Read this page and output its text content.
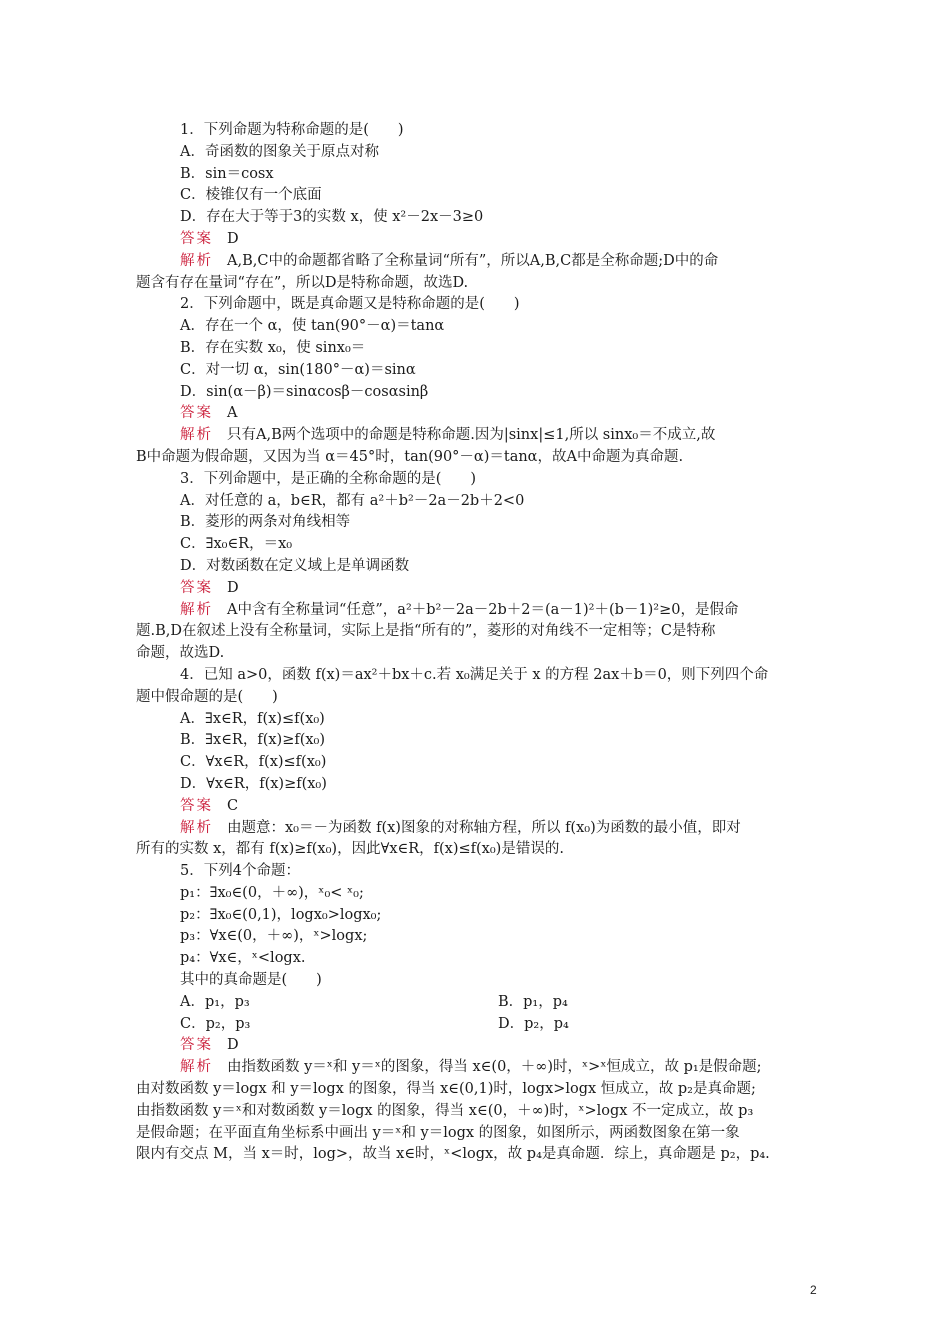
1．下列命题为特称命题的是(　　)
A．奇函数的图象关于原点对称
B．sin＝cosx
C．棱锥仅有一个底面
D．存在大于等于3的实数 x，使 x²－2x－3≥0
答案 D
解析 A,B,C中的命题都省略了全称量词“所有”，所以A,B,C都是全称命题;D中的命
题含有存在量词“存在”，所以D是特称命题，故选D.
2．下列命题中，既是真命题又是特称命题的是(　　)
A．存在一个 α，使 tan(90°－α)＝tanα
B．存在实数 x₀，使 sinx₀＝
C．对一切 α，sin(180°－α)＝sinα
D．sin(α－β)＝sinαcosβ－cosαsinβ
答案 A
解析 只有A,B两个选项中的命题是特称命题.因为|sinx|≤1,所以 sinx₀＝不成立,故
B中命题为假命题，又因为当 α＝45°时，tan(90°－α)＝tanα，故A中命题为真命题.
3．下列命题中，是正确的全称命题的是(　　)
A．对任意的 a，b∈R，都有 a²＋b²－2a－2b＋2<0
B．菱形的两条对角线相等
C．∃x₀∈R，＝x₀
D．对数函数在定义域上是单调函数
答案 D
解析 A中含有全称量词“任意”，a²＋b²－2a－2b＋2＝(a－1)²＋(b－1)²≥0，是假命
题.B,D在叙述上没有全称量词，实际上是指“所有的”，菱形的对角线不一定相等；C是特称
命题，故选D.
4．已知 a>0，函数 f(x)＝ax²＋bx＋c.若 x₀满足关于 x 的方程 2ax＋b＝0，则下列四个命
题中假命题的是(　　)
A．∃x∈R，f(x)≤f(x₀)
B．∃x∈R，f(x)≥f(x₀)
C．∀x∈R，f(x)≤f(x₀)
D．∀x∈R，f(x)≥f(x₀)
答案 C
解析 由题意：x₀＝－为函数 f(x)图象的对称轴方程，所以 f(x₀)为函数的最小值，即对
所有的实数 x，都有 f(x)≥f(x₀)，因此∀x∈R，f(x)≤f(x₀)是错误的.
5．下列4个命题：
p₁：∃x₀∈(0，＋∞)，ˣ₀< ˣ₀;
p₂：∃x₀∈(0,1)，logx₀>logx₀;
p₃：∀x∈(0，＋∞)，ˣ>logx;
p₄：∀x∈，ˣ<logx.
其中的真命题是(　　)
A．p₁，p₃	B．p₁，p₄
C．p₂，p₃	D．p₂，p₄
答案 D
解析 由指数函数 y＝ˣ和 y＝ˣ的图象，得当 x∈(0，＋∞)时，ˣ>ˣ恒成立，故 p₁是假命题;
由对数函数 y＝logx 和 y＝logx 的图象，得当 x∈(0,1)时，logx>logx 恒成立，故 p₂是真命题;
由指数函数 y＝ˣ和对数函数 y＝logx 的图象，得当 x∈(0，＋∞)时，ˣ>logx 不一定成立，故 p₃
是假命题；在平面直角坐标系中画出 y＝ˣ和 y＝logx 的图象，如图所示，两函数图象在第一象
限内有交点 M，当 x＝时，log>，故当 x∈时，ˣ<logx，故 p₄是真命题．综上，真命题是 p₂，p₄.
2
